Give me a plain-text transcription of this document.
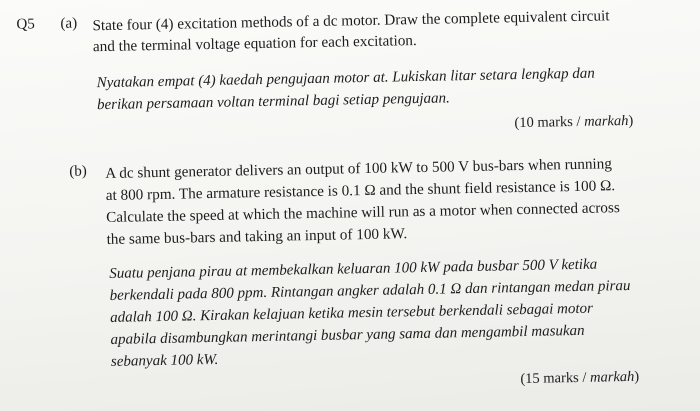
Q5 (a) State four (4) excitation methods of a dc motor. Draw the complete equivalent circuit
and the terminal voltage equation for each excitation.
Nyatakan empat (4) kaedah pengujaan motor at. Lukiskan litar setara lengkap dan
berikan persamaan voltan terminal bagi setiap pengujaan.
(10 marks / markah)
(b) A dc shunt generator delivers an output of 100 kW to 500 V bus-bars when running
at 800 rpm. The armature resistance is 0.1 Ω and the shunt field resistance is 100 Ω.
Calculate the speed at which the machine will run as a motor when connected across
the same bus-bars and taking an input of 100 kW.
Suatu penjana pirau at membekalkan keluaran 100 kW pada busbar 500 V ketika
berkendali pada 800 ppm. Rintangan angker adalah 0.1 Ω dan rintangan medan pirau
adalah 100 Ω. Kirakan kelajuan ketika mesin tersebut berkendali sebagai motor
apabila disambungkan merintangi busbar yang sama dan mengambil masukan
sebanyak 100 kW.
(15 marks / markah)
